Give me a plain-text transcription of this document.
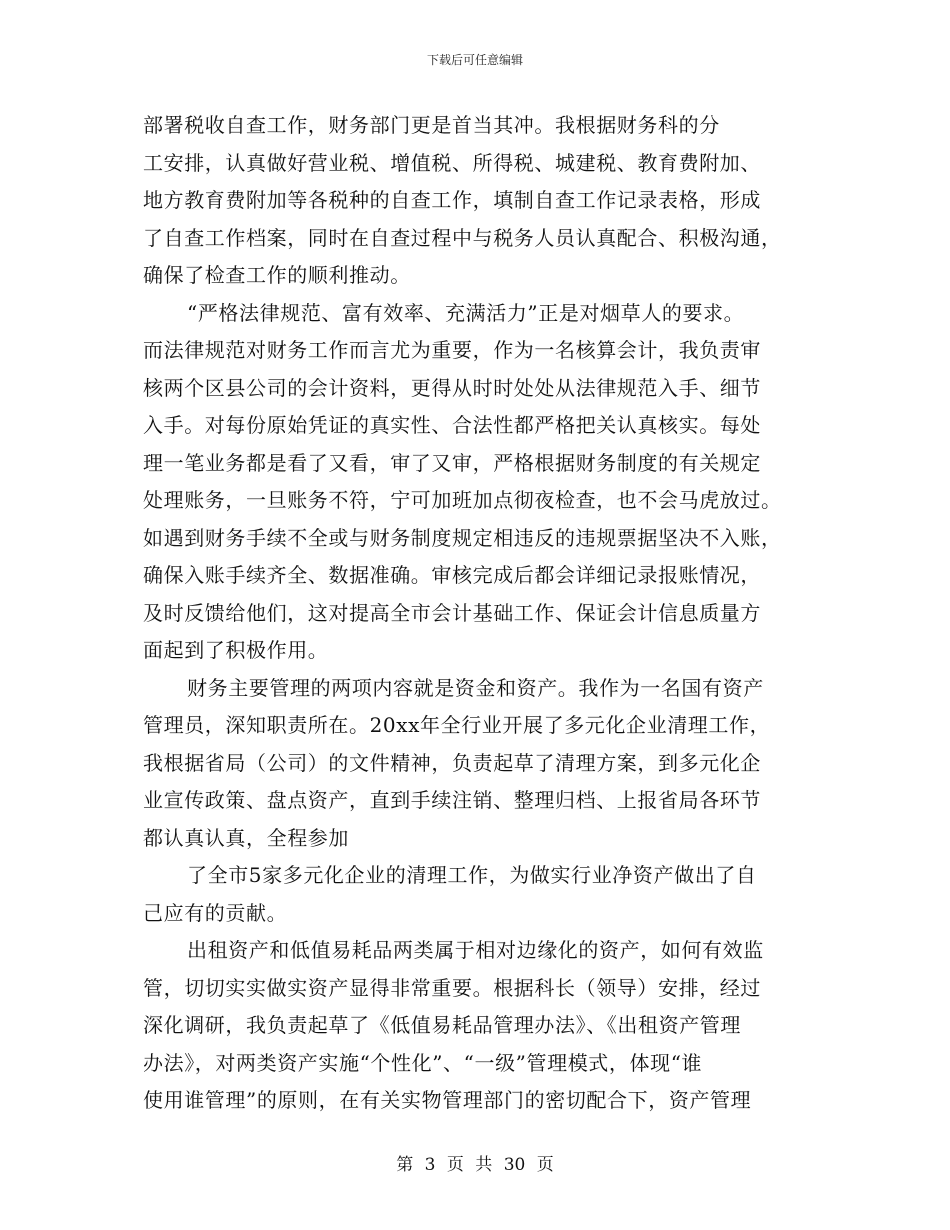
下载后可任意编辑
部署税收自查工作，财务部门更是首当其冲。我根据财务科的分
工安排，认真做好营业税、增值税、所得税、城建税、教育费附加、
地方教育费附加等各税种的自查工作，填制自查工作记录表格，形成
了自查工作档案，同时在自查过程中与税务人员认真配合、积极沟通，
确保了检查工作的顺利推动。
“严格法律规范、富有效率、充满活力”正是对烟草人的要求。
而法律规范对财务工作而言尤为重要，作为一名核算会计，我负责审
核两个区县公司的会计资料，更得从时时处处从法律规范入手、细节
入手。对每份原始凭证的真实性、合法性都严格把关认真核实。每处
理一笔业务都是看了又看，审了又审，严格根据财务制度的有关规定
处理账务，一旦账务不符，宁可加班加点彻夜检查，也不会马虎放过。
如遇到财务手续不全或与财务制度规定相违反的违规票据坚决不入账，
确保入账手续齐全、数据准确。审核完成后都会详细记录报账情况，
及时反馈给他们，这对提高全市会计基础工作、保证会计信息质量方
面起到了积极作用。
财务主要管理的两项内容就是资金和资产。我作为一名国有资产
管理员，深知职责所在。20xx年全行业开展了多元化企业清理工作，
我根据省局（公司）的文件精神，负责起草了清理方案，到多元化企
业宣传政策、盘点资产，直到手续注销、整理归档、上报省局各环节
都认真认真，全程参加
了全市5家多元化企业的清理工作，为做实行业净资产做出了自
己应有的贡献。
出租资产和低值易耗品两类属于相对边缘化的资产，如何有效监
管，切切实实做实资产显得非常重要。根据科长（领导）安排，经过
深化调研，我负责起草了《低值易耗品管理办法》、《出租资产管理
办法》，对两类资产实施“个性化”、“一级”管理模式，体现“谁
使用谁管理”的原则，在有关实物管理部门的密切配合下，资产管理
第 3 页 共 30 页
